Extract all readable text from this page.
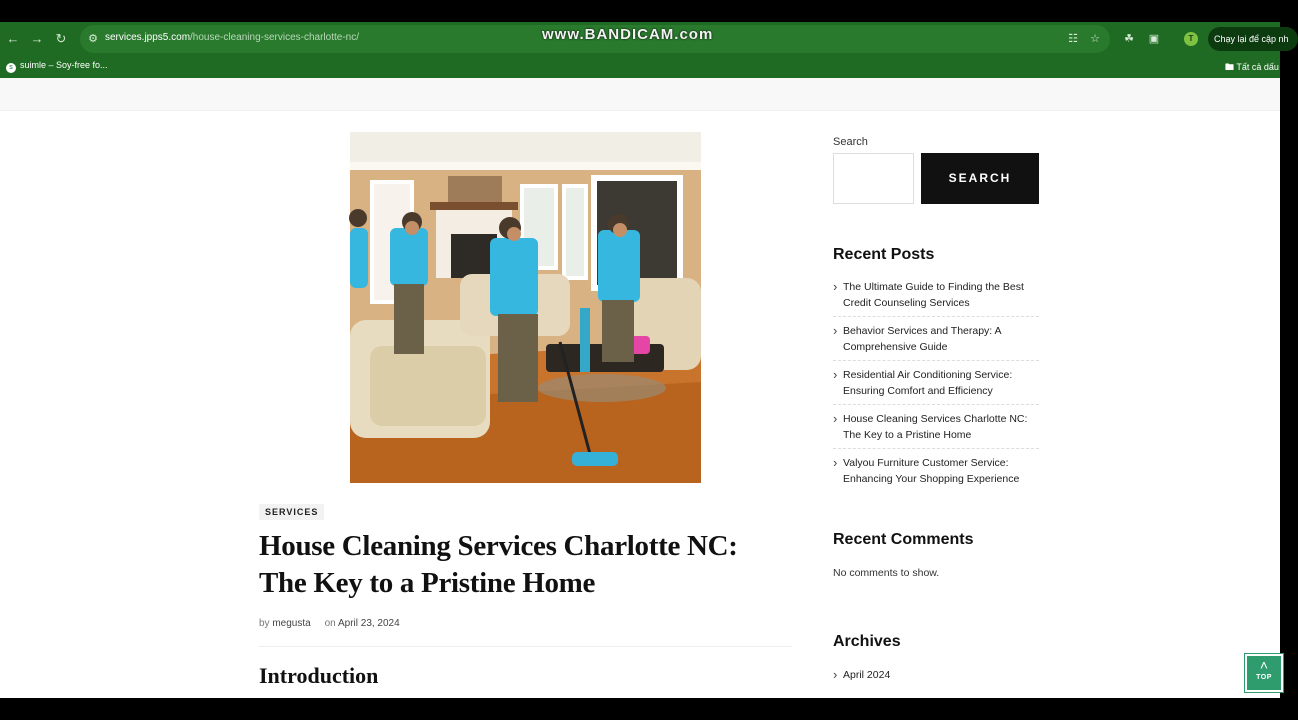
← → ↻	⚙ services.jpps5.com/house-cleaning-services-charlotte-nc/	www.BANDICAM.com	☷ ☆ ☘ ▣	T	Chạy lại để cập nh
s suimle – Soy-free fo...	🖿 Tất cả dấu
SERVICES
House Cleaning Services Charlotte NC: The Key to a Pristine Home
by megusta on April 23, 2024
Introduction
Search
SEARCH
Recent Posts
› The Ultimate Guide to Finding the Best Credit Counseling Services
› Behavior Services and Therapy: A Comprehensive Guide
› Residential Air Conditioning Service: Ensuring Comfort and Efficiency
› House Cleaning Services Charlotte NC: The Key to a Pristine Home
› Valyou Furniture Customer Service: Enhancing Your Shopping Experience
Recent Comments
No comments to show.
Archives
› April 2024
˄
TOP
